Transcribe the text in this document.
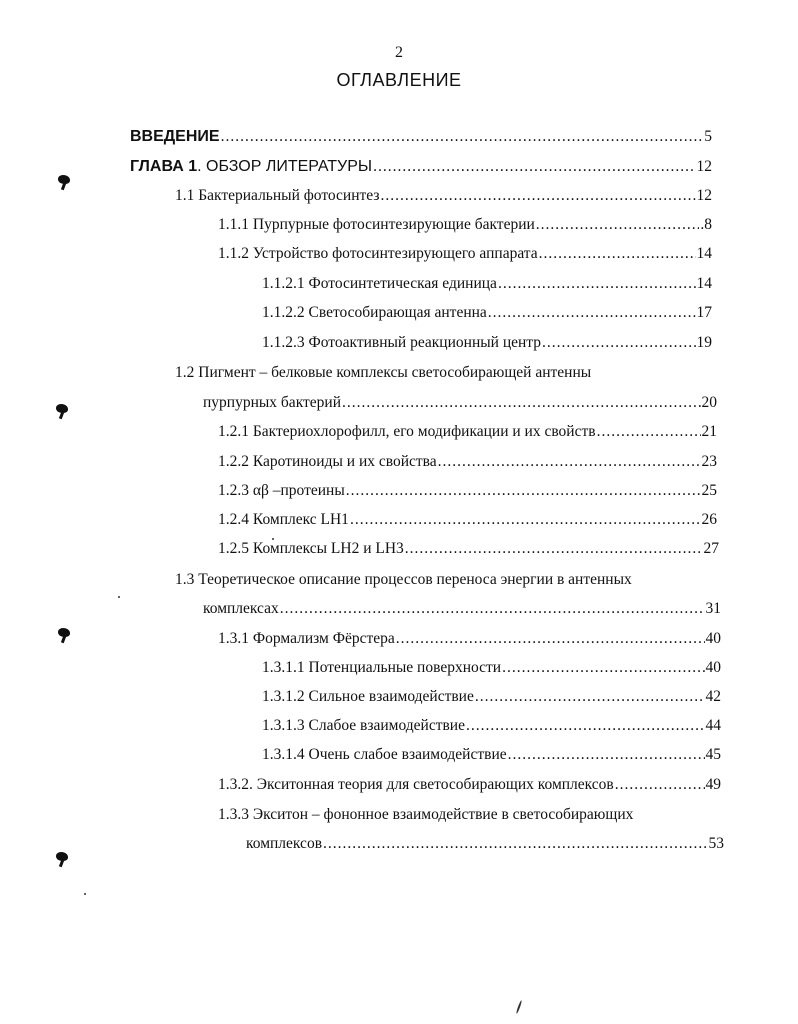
2
ОГЛАВЛЕНИЕ
ВВЕДЕНИЕ .....	5
ГЛАВА 1. ОБЗОР ЛИТЕРАТУРЫ .....	12
1.1 Бактериальный фотосинтез .....	12
1.1.1 Пурпурные фотосинтезирующие бактерии .....	.8
1.1.2 Устройство фотосинтезирующего аппарата .....	14
1.1.2.1 Фотосинтетическая единица .....	14
1.1.2.2 Светособирающая антенна .....	17
1.1.2.3 Фотоактивный реакционный центр .....	19
1.2 Пигмент – белковые комплексы светособирающей антенны
пурпурных бактерий .....	20
1.2.1 Бактериохлорофилл, его модификации и их свойств .....	21
1.2.2 Каротиноиды и их свойства .....	23
1.2.3 αβ –протеины .....	25
1.2.4 Комплекс LH1 .....	26
1.2.5 Комплексы LH2 и LH3 .....	27
1.3 Теоретическое описание процессов переноса энергии в антенных
комплексах .....	31
1.3.1 Формализм Фёрстера .....	40
1.3.1.1 Потенциальные поверхности .....	40
1.3.1.2 Сильное взаимодействие .....	42
1.3.1.3 Слабое взаимодействие .....	44
1.3.1.4 Очень слабое взаимодействие .....	45
1.3.2. Экситонная теория для светособирающих комплексов .....	49
1.3.3 Экситон – фононное взаимодействие в светособирающих
комплексов .....	53
